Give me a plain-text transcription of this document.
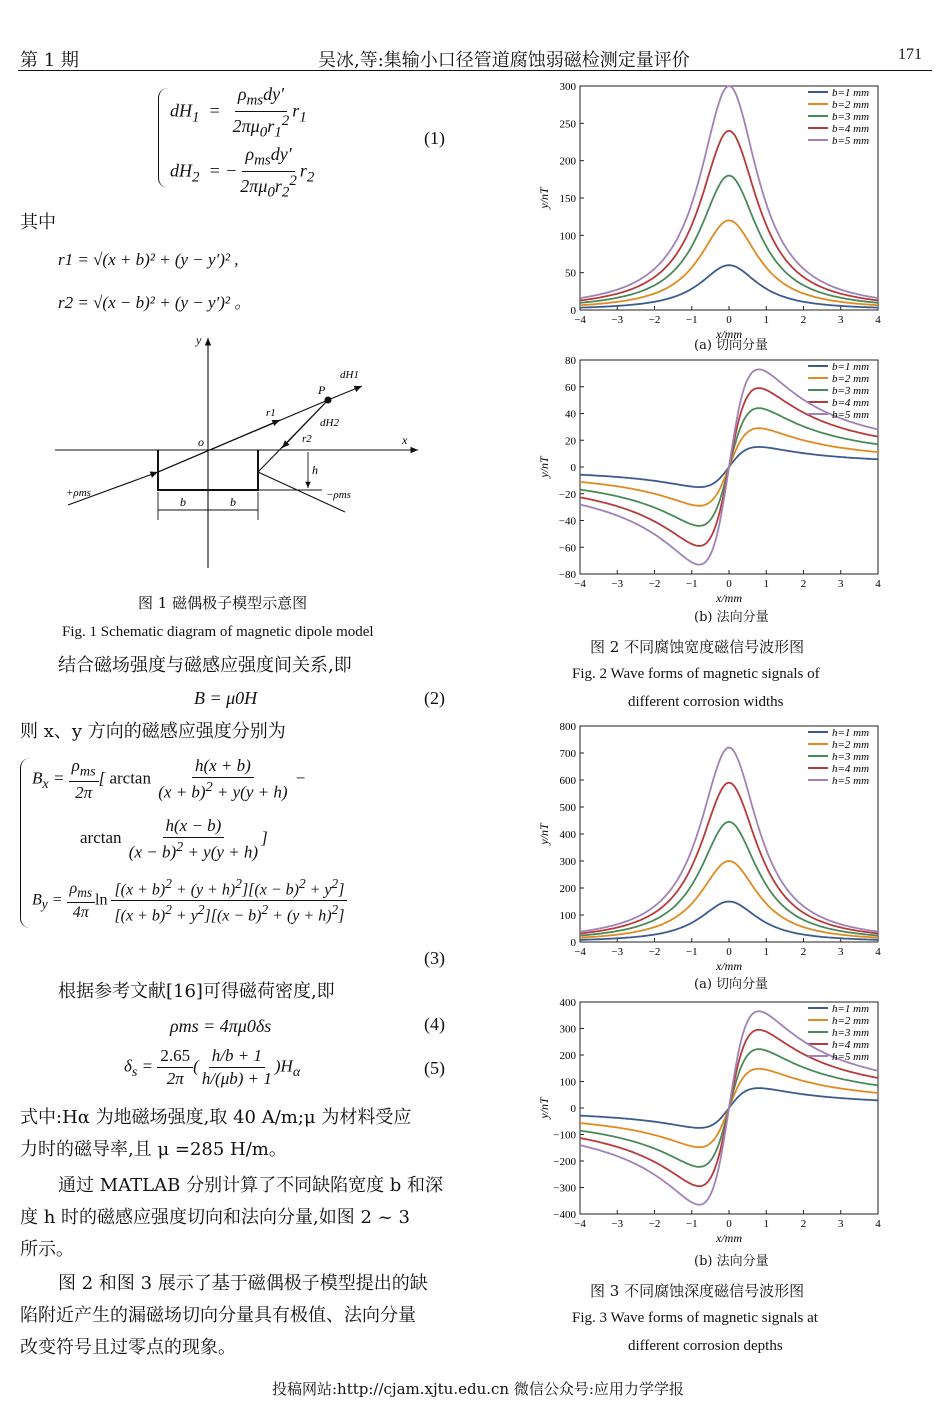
第 1 期	吴冰,等:集输小口径管道腐蚀弱磁检测定量评价	171
$dH_1 = \frac{\rho_{ms}dy'}{2\pi\mu_0r_1^2} r_1$
$dH_2$  = − $\frac{\rho_{ms}dy'}{2\pi\mu_0r_2^2} r_2$
(1)
其中
r1 = √(x + b)² + (y − y′)² ,
r2 = √(x − b)² + (y − y′)² 。
y
x
o
P
dH1
dH2
r1
r2
h
b	b
+ρms	−ρms
图 1 磁偶极子模型示意图
Fig. 1 Schematic diagram of magnetic dipole model
结合磁场强度与磁感应强度间关系,即
B = μ0H	(2)
则 x、y 方向的磁感应强度分别为
$B_x = \frac{\rho_{ms}}{2\pi}$ [ $\arctan \frac{h(x + b)}{(x + b)^2 + y(y + h)}$ −
$\arctan \frac{h(x - b)}{(x - b)^2 + y(y + h)}$ ]
$B_y = \frac{\rho_{ms}}{4\pi}$ $\ln \frac{[(x + b)^2 + (y + h)^2][(x - b)^2 + y^2]}{[(x + b)^2 + y^2][(x - b)^2 + (y + h)^2]}$
(3)
根据参考文献[16]可得磁荷密度,即
ρms = 4πμ0δs	(4)
$\delta_s = \frac{2.65}{2\pi}$ ( $\frac{h/b + 1}{h/(\mu b) + 1} )H_\alpha$	(5)
式中:Hα 为地磁场强度,取 40 A/m;μ 为材料受应
力时的磁导率,且 μ =285 H/m。
通过 MATLAB 分别计算了不同缺陷宽度 b 和深
度 h 时的磁感应强度切向和法向分量,如图 2 ~ 3
所示。
图 2 和图 3 展示了基于磁偶极子模型提出的缺
陷附近产生的漏磁场切向分量具有极值、法向分量
改变符号且过零点的现象。
−4 −3 −2 −1	0	1	2	3	4
0
50
100
150
200
250
300
x/mm
y/nT
b=1 mm
b=2 mm
b=3 mm
b=4 mm
b=5 mm
(a) 切向分量
−4 −3 −2 −1	0	1	2	3	4
−80
−60
−40
−20
0
20
40
60
80
x/mm
y/nT
b=1 mm
b=2 mm
b=3 mm
b=4 mm
b=5 mm
(b) 法向分量
图 2 不同腐蚀宽度磁信号波形图
Fig. 2 Wave forms of magnetic signals of
different corrosion widths
−4 −3 −2 −1	0	1	2	3	4
0
100
200
300
400
500
600
700
800
x/mm
y/nT
h=1 mm
h=2 mm
h=3 mm
h=4 mm
h=5 mm
(a) 切向分量
−4 −3 −2 −1	0	1	2	3	4
−400
−300
−200
−100
0
100
200
300
400
x/mm
y/nT
h=1 mm
h=2 mm
h=3 mm
h=4 mm
h=5 mm
(b) 法向分量
图 3 不同腐蚀深度磁信号波形图
Fig. 3 Wave forms of magnetic signals at
different corrosion depths
投稿网站:http://cjam.xjtu.edu.cn 微信公众号:应用力学学报
